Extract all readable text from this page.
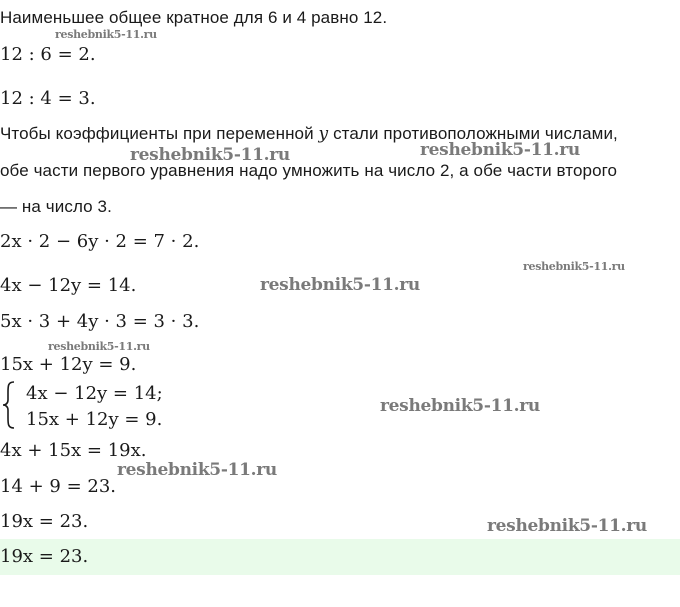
Наименьшее общее кратное для 6 и 4 равно 12.
12 : 6 = 2.
12 : 4 = 3.
Чтобы коэффициенты при переменной y стали противоположными числами,
обе части первого уравнения надо умножить на число 2, а обе части второго
— на число 3.
2x · 2 − 6y · 2 = 7 · 2.
4x − 12y = 14.
5x · 3 + 4y · 3 = 3 · 3.
15x + 12y = 9.
4x − 12y = 14;
15x + 12y = 9.
4x + 15x = 19x.
14 + 9 = 23.
19x = 23.
19x = 23.
reshebnik5-11.ru
reshebnik5-11.ru	reshebnik5-11.ru
reshebnik5-11.ru
reshebnik5-11.ru
reshebnik5-11.ru
reshebnik5-11.ru
reshebnik5-11.ru
reshebnik5-11.ru
